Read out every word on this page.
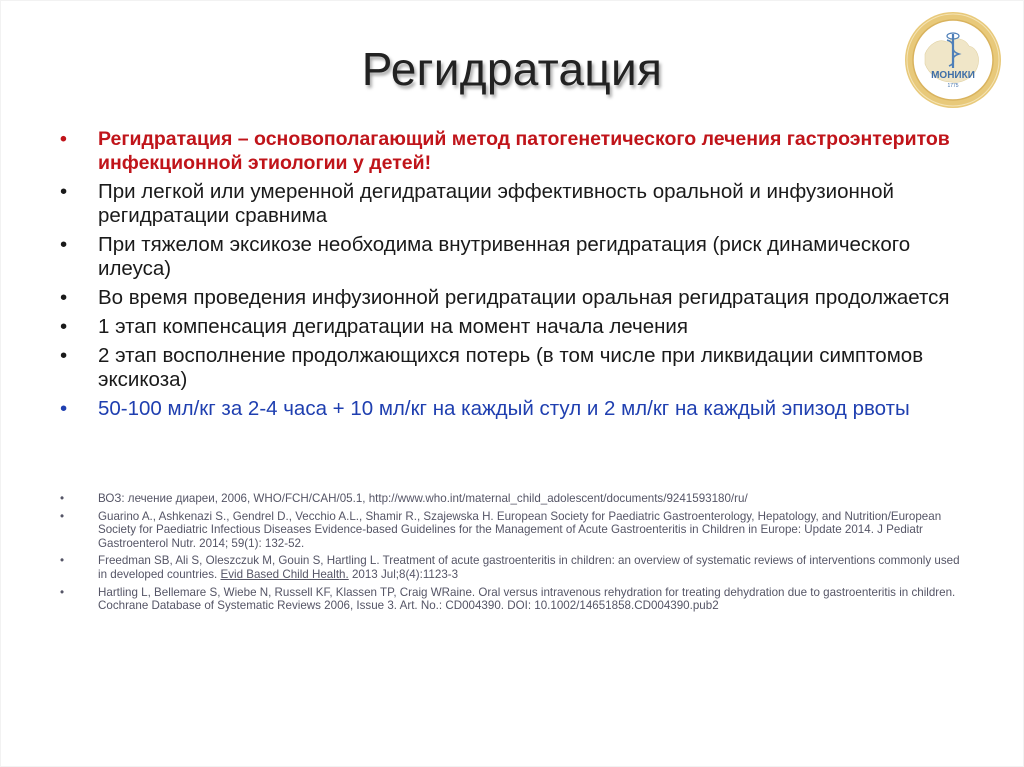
Регидратация	МОНИКИ
1775
•	Регидратация – основополагающий метод патогенетического лечения гастроэнтеритов инфекционной этиологии у детей!
•	При легкой или умеренной дегидратации эффективность оральной и инфузионной регидратации сравнима
•	При тяжелом эксикозе необходима внутривенная регидратация (риск динамического илеуса)
•	Во время проведения инфузионной регидратации оральная регидратация продолжается
•	1 этап компенсация дегидратации на момент начала лечения
•	2 этап восполнение продолжающихся потерь (в том числе при ликвидации симптомов эксикоза)
•	50-100 мл/кг за 2-4 часа + 10 мл/кг на каждый стул и 2 мл/кг на каждый эпизод рвоты
•	ВОЗ: лечение диареи, 2006, WHO/FCH/CAH/05.1, http://www.who.int/maternal_child_adolescent/documents/9241593180/ru/
•	Guarino A., Ashkenazi S., Gendrel D., Vecchio A.L., Shamir R., Szajewska H. European Society for Paediatric Gastroenterology, Hepatology, and Nutrition/European Society for Paediatric Infectious Diseases Evidence-based Guidelines for the Management of Acute Gastroenteritis in Children in Europe: Update 2014. J Pediatr Gastroenterol Nutr. 2014; 59(1): 132-52.
•	Freedman SB, Ali S, Oleszczuk M, Gouin S, Hartling L. Treatment of acute gastroenteritis in children: an overview of systematic reviews of interventions commonly used in developed countries. Evid Based Child Health. 2013 Jul;8(4):1123-3
•	Hartling L, Bellemare S, Wiebe N, Russell KF, Klassen TP, Craig WRaine. Oral versus intravenous rehydration for treating dehydration due to gastroenteritis in children. Cochrane Database of Systematic Reviews 2006, Issue 3. Art. No.: CD004390. DOI: 10.1002/14651858.CD004390.pub2
